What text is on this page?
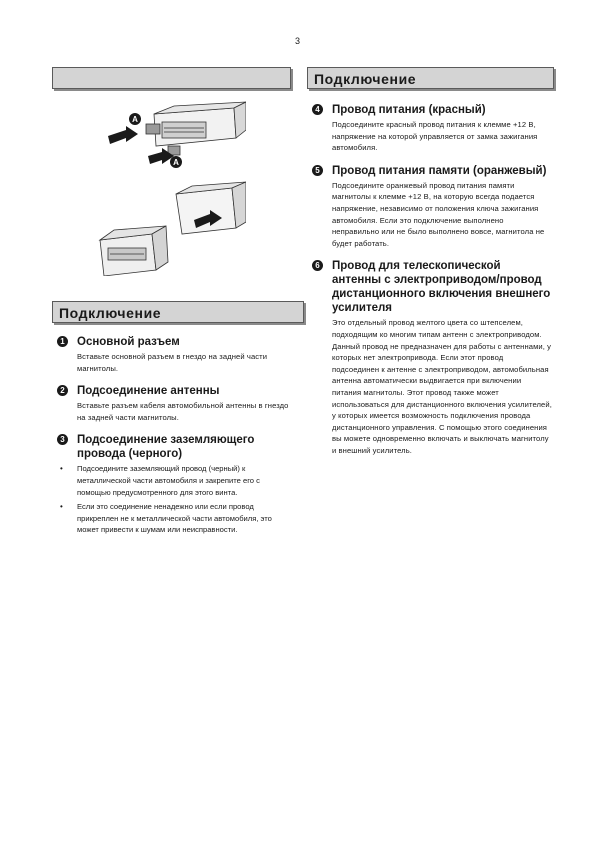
3
Подключение
A
A
Подключение
1 Основной разъем
Вставьте основной разъем в гнездо на задней части магнитолы.
2 Подсоединение антенны
Вставьте разъем кабеля автомобильной антенны в гнездо на задней части магнитолы.
3 Подсоединение заземляющего провода (черного)
• Подсоедините заземляющий провод (черный) к металлической части автомобиля и закрепите его с помощью предусмотренного для этого винта.
• Если это соединение ненадежно или если провод прикреплен не к металлической части автомобиля, это может привести к шумам или неисправности.
4 Провод питания (красный)
Подсоедините красный провод питания к клемме +12 В, напряжение на которой управляется от замка зажигания автомобиля.
5 Провод питания памяти (оранжевый)
Подсоедините оранжевый провод питания памяти магнитолы к клемме +12 В, на которую всегда подается напряжение, независимо от положения ключа зажигания автомобиля. Если это подключение выполнено неправильно или не было выполнено вовсе, магнитола не будет работать.
6 Провод для телескопической антенны с электроприводом/провод дистанционного включения внешнего усилителя
Это отдельный провод желтого цвета со штепселем, подходящим ко многим типам антенн с электроприводом. Данный провод не предназначен для работы с антеннами, у которых нет электропривода. Если этот провод подсоединен к антенне с электроприводом, автомобильная антенна автоматически выдвигается при включении питания магнитолы. Этот провод также может использоваться для дистанционного включения усилителей, у которых имеется возможность подключения провода дистанционного управления. С помощью этого соединения вы можете одновременно включать и выключать магнитолу и внешний усилитель.
